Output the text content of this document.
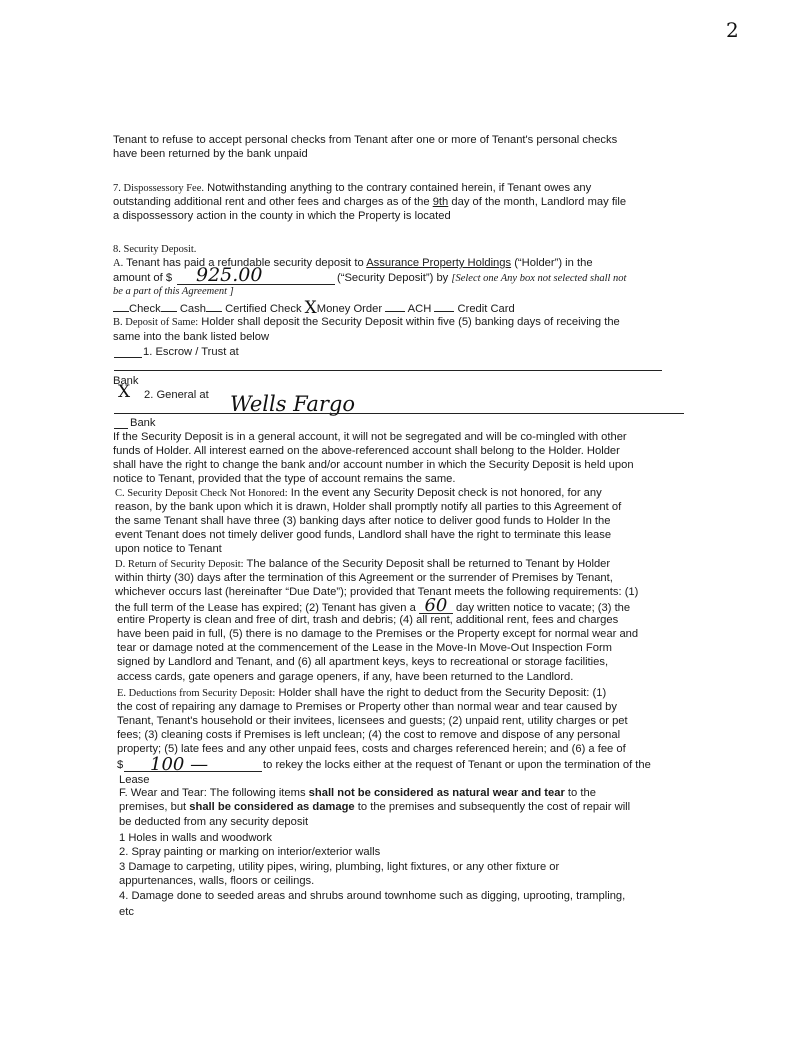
2
Tenant to refuse to accept personal checks from Tenant after one or more of Tenant's personal checks
have been returned by the bank unpaid
7. Dispossessory Fee. Notwithstanding anything to the contrary contained herein, if Tenant owes any
outstanding additional rent and other fees and charges as of the 9th day of the month, Landlord may file
a dispossessory action in the county in which the Property is located
8. Security Deposit.
A. Tenant has paid a refundable security deposit to Assurance Property Holdings (“Holder”) in the
amount of $ 925.00	(“Security Deposit”) by [Select one Any box not selected shall not
be a part of this Agreement ]
Check Cash Certified Check XMoney Order ACH Credit Card
B. Deposit of Same: Holder shall deposit the Security Deposit within five (5) banking days of receiving the
same into the bank listed below
1. Escrow / Trust at
Bank
X 2. General at Wells Fargo
Bank
If the Security Deposit is in a general account, it will not be segregated and will be co-mingled with other
funds of Holder. All interest earned on the above-referenced account shall belong to the Holder. Holder
shall have the right to change the bank and/or account number in which the Security Deposit is held upon
notice to Tenant, provided that the type of account remains the same.
C. Security Deposit Check Not Honored: In the event any Security Deposit check is not honored, for any
reason, by the bank upon which it is drawn, Holder shall promptly notify all parties to this Agreement of
the same Tenant shall have three (3) banking days after notice to deliver good funds to Holder In the
event Tenant does not timely deliver good funds, Landlord shall have the right to terminate this lease
upon notice to Tenant
D. Return of Security Deposit: The balance of the Security Deposit shall be returned to Tenant by Holder
within thirty (30) days after the termination of this Agreement or the surrender of Premises by Tenant,
whichever occurs last (hereinafter “Due Date”); provided that Tenant meets the following requirements: (1)
the full term of the Lease has expired; (2) Tenant has given a 60 day written notice to vacate; (3) the
entire Property is clean and free of dirt, trash and debris; (4) all rent, additional rent, fees and charges
have been paid in full, (5) there is no damage to the Premises or the Property except for normal wear and
tear or damage noted at the commencement of the Lease in the Move-In Move-Out Inspection Form
signed by Landlord and Tenant, and (6) all apartment keys, keys to recreational or storage facilities,
access cards, gate openers and garage openers, if any, have been returned to the Landlord.
E. Deductions from Security Deposit: Holder shall have the right to deduct from the Security Deposit: (1)
the cost of repairing any damage to Premises or Property other than normal wear and tear caused by
Tenant, Tenant's household or their invitees, licensees and guests; (2) unpaid rent, utility charges or pet
fees; (3) cleaning costs if Premises is left unclean; (4) the cost to remove and dispose of any personal
property; (5) late fees and any other unpaid fees, costs and charges referenced herein; and (6) a fee of
$ 100 —	to rekey the locks either at the request of Tenant or upon the termination of the
Lease
F. Wear and Tear: The following items shall not be considered as natural wear and tear to the
premises, but shall be considered as damage to the premises and subsequently the cost of repair will
be deducted from any security deposit
1 Holes in walls and woodwork
2. Spray painting or marking on interior/exterior walls
3 Damage to carpeting, utility pipes, wiring, plumbing, light fixtures, or any other fixture or
appurtenances, walls, floors or ceilings.
4. Damage done to seeded areas and shrubs around townhome such as digging, uprooting, trampling,
etc
